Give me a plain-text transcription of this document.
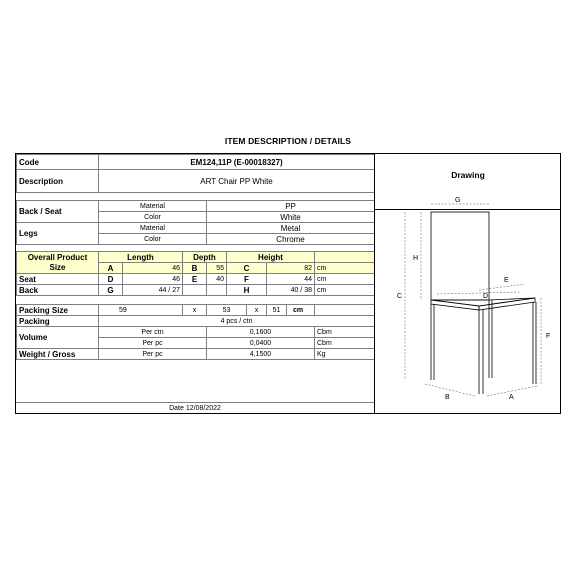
ITEM DESCRIPTION / DETAILS
Code	EM124,11P (E-00018327)								
Description	ART Chair PP White								

Back / Seat	Material			PP					
	Color			White					
Legs	Material			Metal					
	Color			Chrome					

Overall Product Size	Length		Depth		Height				
	A	46	B	55	C		82		cm
Seat	D	46	E	40	F		44		cm
Back	G	44 / 27			H		40 / 38		cm

Packing Size	59		x	53		x	51	cm	
Packing	4 pcs / ctn								
Volume	Per ctn			0,1600					Cbm
	Per pc			0,0400					Cbm
Weight / Gross	Per pc			4,1500					Kg
Date 12/08/2022
Drawing
G
H
C
F
E
D
B	A
